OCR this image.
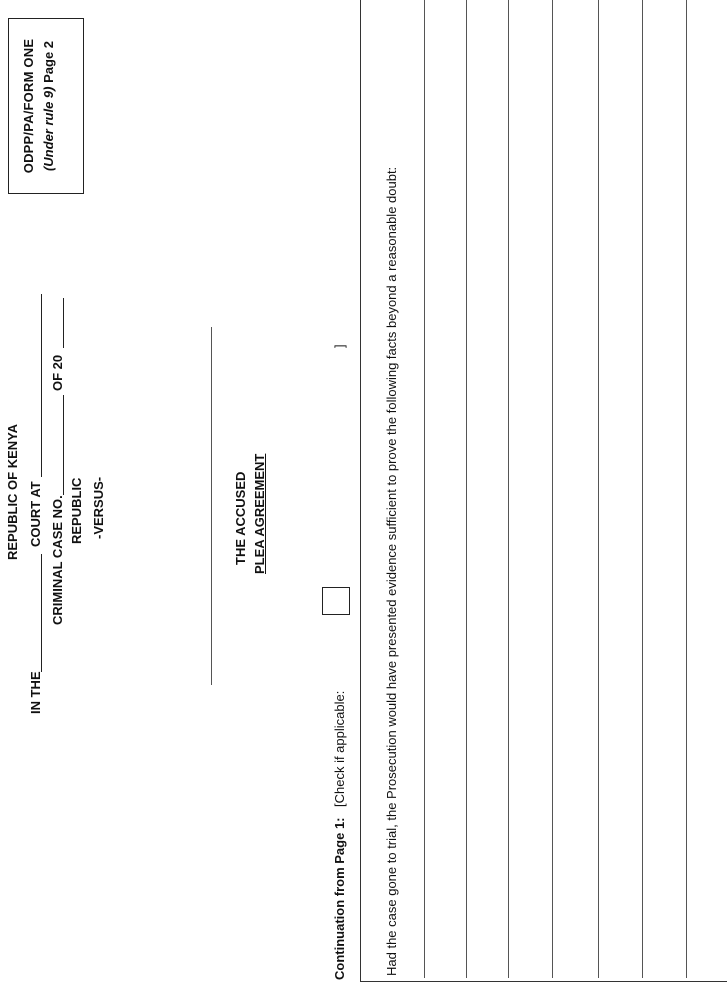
ODPP/PA/FORM ONE (Under rule 9) Page 2
REPUBLIC OF KENYA
IN THE
COURT AT CRIMINAL CASE NO.
OF 20
REPUBLIC -VERSUS-	THE ACCUSED PLEA AGREEMENT
Continuation from Page 1:
[Check if applicable:
]	Had the case gone to trial, the Prosecution would have presented evidence sufficient to prove the following facts beyond a reasonable doubt:
